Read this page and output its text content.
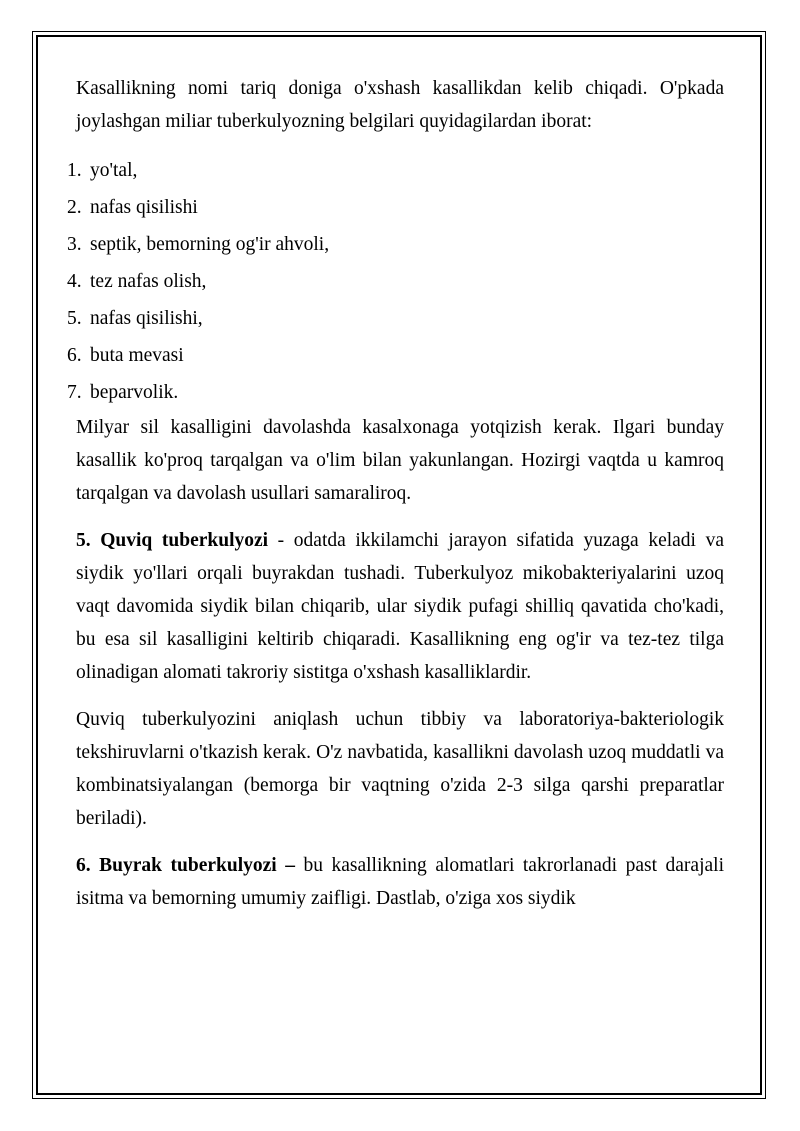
Kasallikning nomi tariq doniga o'xshash kasallikdan kelib chiqadi. O'pkada joylashgan miliar tuberkulyozning belgilari quyidagilardan iborat:

1. yo'tal,
2. nafas qisilishi
3. septik, bemorning og'ir ahvoli,
4. tez nafas olish,
5. nafas qisilishi,
6. buta mevasi
7. beparvolik.

Milyar sil kasalligini davolashda kasalxonaga yotqizish kerak. Ilgari bunday kasallik ko'proq tarqalgan va o'lim bilan yakunlangan. Hozirgi vaqtda u kamroq tarqalgan va davolash usullari samaraliroq.

5. Quviq tuberkulyozi - odatda ikkilamchi jarayon sifatida yuzaga keladi va siydik yo'llari orqali buyrakdan tushadi. Tuberkulyoz mikobakteriyalarini uzoq vaqt davomida siydik bilan chiqarib, ular siydik pufagi shilliq qavatida cho'kadi, bu esa sil kasalligini keltirib chiqaradi. Kasallikning eng og'ir va tez-tez tilga olinadigan alomati takroriy sistitga o'xshash kasalliklardir.

Quviq tuberkulyozini aniqlash uchun tibbiy va laboratoriya-bakteriologik tekshiruvlarni o'tkazish kerak. O'z navbatida, kasallikni davolash uzoq muddatli va kombinatsiyalangan (bemorga bir vaqtning o'zida 2-3 silga qarshi preparatlar beriladi).

6. Buyrak tuberkulyozi – bu kasallikning alomatlari takrorlanadi past darajali isitma va bemorning umumiy zaifligi. Dastlab, o'ziga xos siydik
